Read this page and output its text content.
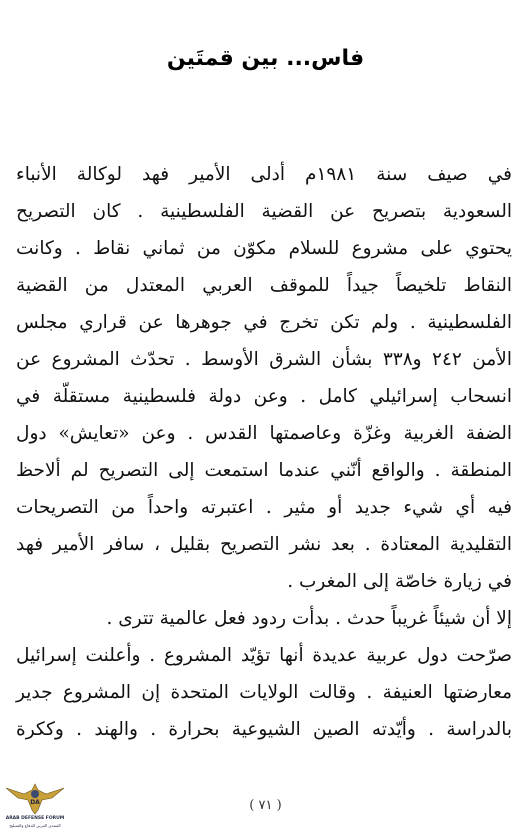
فاس... بين قمتَين
في صيف سنة ١٩٨١م أدلى الأمير فهد لوكالة الأنباء
السعودية بتصريح عن القضية الفلسطينية . كان التصريح
يحتوي على مشروع للسلام مكوّن من ثماني نقاط . وكانت
النقاط تلخيصاً جيداً للموقف العربي المعتدل من القضية
الفلسطينية . ولم تكن تخرج في جوهرها عن قراري مجلس
الأمن ٢٤٢ و٣٣٨ بشأن الشرق الأوسط . تحدّث المشروع عن
انسحاب إسرائيلي كامل . وعن دولة فلسطينية مستقلّة في
الضفة الغربية وغزّة وعاصمتها القدس . وعن «تعايش» دول
المنطقة . والواقع أنّني عندما استمعت إلى التصريح لم ألاحظ
فيه أي شيء جديد أو مثير . اعتبرته واحداً من التصريحات
التقليدية المعتادة . بعد نشر التصريح بقليل ، سافر الأمير فهد
في زيارة خاصّة إلى المغرب .
إلا أن شيئاً غريباً حدث . بدأت ردود فعل عالمية تترى .
صرّحت دول عربية عديدة أنها تؤيّد المشروع . وأعلنت إسرائيل
معارضتها العنيفة . وقالت الولايات المتحدة إن المشروع جدير
بالدراسة . وأيّدته الصين الشيوعية بحرارة . والهند . وككرة
( ٧١ )
DA
ARAB DEFENSE FORUM
المنتدى العربي للدفاع والتسليح
